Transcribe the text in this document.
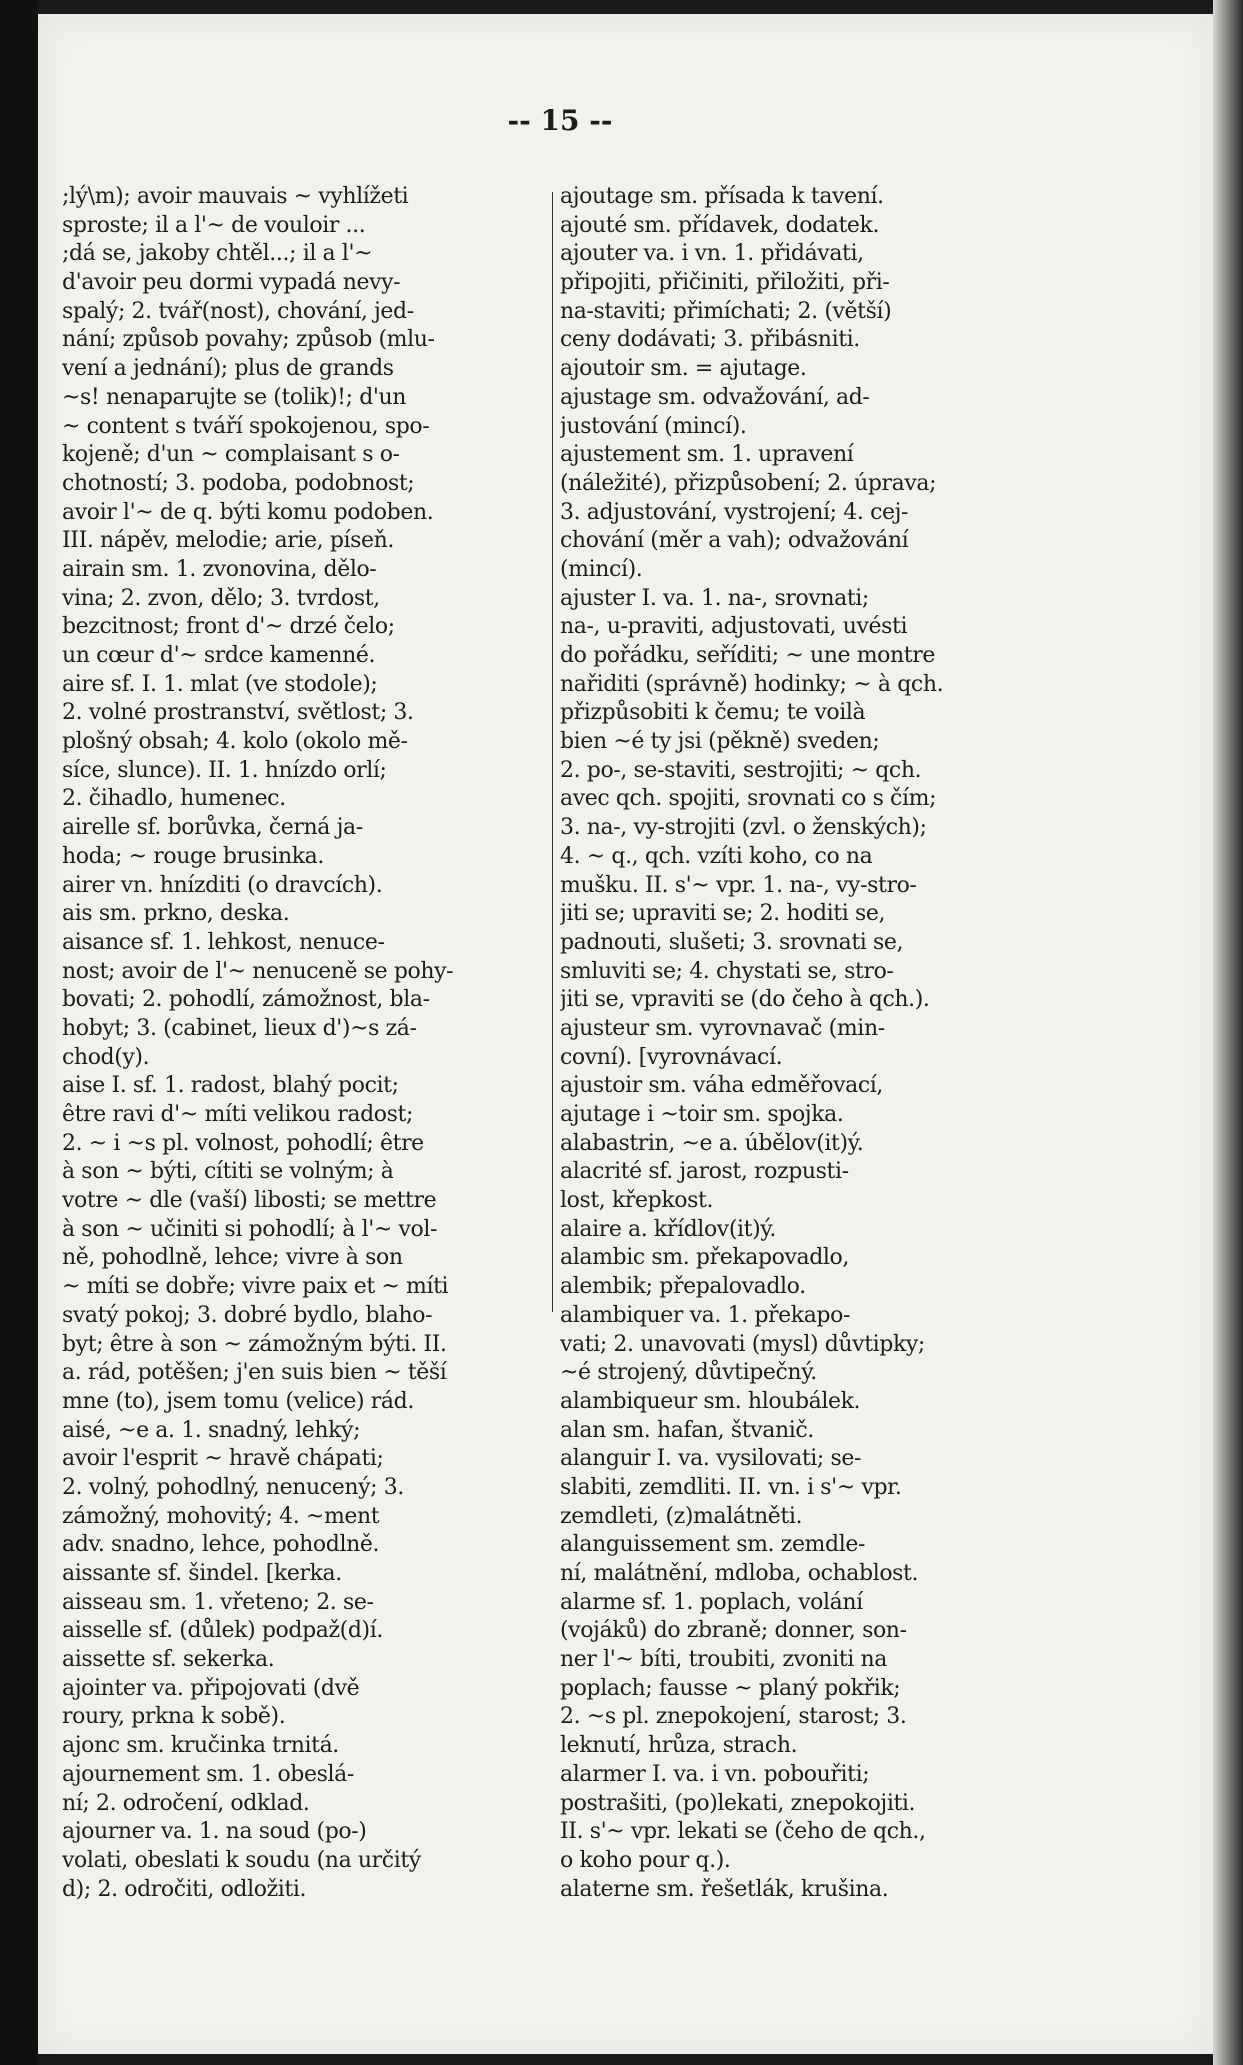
-- 15 --
;lý\m); avoir mauvais ~ vyhlížeti
sproste; il a l'~ de vouloir ...
;dá se, jakoby chtěl...; il a l'~
d'avoir peu dormi vypadá nevy-
spalý; 2. tvář(nost), chování, jed-
nání; způsob povahy; způsob (mlu-
vení a jednání); plus de grands
~s! nenaparujte se (tolik)!; d'un
~ content s tváří spokojenou, spo-
kojeně; d'un ~ complaisant s o-
chotností; 3. podoba, podobnost;
avoir l'~ de q. býti komu podoben.
III. nápěv, melodie; arie, píseň.
airain sm. 1. zvonovina, dělo-
vina; 2. zvon, dělo; 3. tvrdost,
bezcitnost; front d'~ drzé čelo;
un cœur d'~ srdce kamenné.
aire sf. I. 1. mlat (ve stodole);
2. volné prostranství, světlost; 3.
plošný obsah; 4. kolo (okolo mě-
síce, slunce). II. 1. hnízdo orlí;
2. čihadlo, humenec.
airelle sf. borůvka, černá ja-
hoda; ~ rouge brusinka.
airer vn. hnízditi (o dravcích).
ais sm. prkno, deska.
aisance sf. 1. lehkost, nenuce-
nost; avoir de l'~ nenuceně se pohy-
bovati; 2. pohodlí, zámožnost, bla-
hobyt; 3. (cabinet, lieux d')~s zá-
chod(y).
aise I. sf. 1. radost, blahý pocit;
être ravi d'~ míti velikou radost;
2. ~ i ~s pl. volnost, pohodlí; être
à son ~ býti, cítiti se volným; à
votre ~ dle (vaší) libosti; se mettre
à son ~ učiniti si pohodlí; à l'~ vol-
ně, pohodlně, lehce; vivre à son
~ míti se dobře; vivre paix et ~ míti
svatý pokoj; 3. dobré bydlo, blaho-
byt; être à son ~ zámožným býti. II.
a. rád, potěšen; j'en suis bien ~ těší
mne (to), jsem tomu (velice) rád.
aisé, ~e a. 1. snadný, lehký;
avoir l'esprit ~ hravě chápati;
2. volný, pohodlný, nenucený; 3.
zámožný, mohovitý; 4. ~ment
adv. snadno, lehce, pohodlně.
aissante sf. šindel. [kerka.
aisseau sm. 1. vřeteno; 2. se-
aisselle sf. (důlek) podpaž(d)í.
aissette sf. sekerka.
ajointer va. připojovati (dvě
roury, prkna k sobě).
ajonc sm. kručinka trnitá.
ajournement sm. 1. obeslá-
ní; 2. odročení, odklad.
ajourner va. 1. na soud (po-)
volati, obeslati k soudu (na určitý
d); 2. odročiti, odložiti.
ajoutage sm. přísada k tavení.
ajouté sm. přídavek, dodatek.
ajouter va. i vn. 1. přidávati,
připojiti, přičiniti, přiložiti, při-
na-staviti; přimíchati; 2. (větší)
ceny dodávati; 3. přibásniti.
ajoutoir sm. = ajutage.
ajustage sm. odvažování, ad-
justování (mincí).
ajustement sm. 1. upravení
(náležité), přizpůsobení; 2. úprava;
3. adjustování, vystrojení; 4. cej-
chování (měr a vah); odvažování
(mincí).
ajuster I. va. 1. na-, srovnati;
na-, u-praviti, adjustovati, uvésti
do pořádku, seříditi; ~ une montre
nařiditi (správně) hodinky; ~ à qch.
přizpůsobiti k čemu; te voilà
bien ~é ty jsi (pěkně) sveden;
2. po-, se-staviti, sestrojiti; ~ qch.
avec qch. spojiti, srovnati co s čím;
3. na-, vy-strojiti (zvl. o ženských);
4. ~ q., qch. vzíti koho, co na
mušku. II. s'~ vpr. 1. na-, vy-stro-
jiti se; upraviti se; 2. hoditi se,
padnouti, slušeti; 3. srovnati se,
smluviti se; 4. chystati se, stro-
jiti se, vpraviti se (do čeho à qch.).
ajusteur sm. vyrovnavač (min-
covní). [vyrovnávací.
ajustoir sm. váha edměřovací,
ajutage i ~toir sm. spojka.
alabastrin, ~e a. úbělov(it)ý.
alacrité sf. jarost, rozpusti-
lost, křepkost.
alaire a. křídlov(it)ý.
alambic sm. překapovadlo,
alembik; přepalovadlo.
alambiquer va. 1. překapo-
vati; 2. unavovati (mysl) důvtipky;
~é strojený, důvtipečný.
alambiqueur sm. hloubálek.
alan sm. hafan, štvanič.
alanguir I. va. vysilovati; se-
slabiti, zemdliti. II. vn. i s'~ vpr.
zemdleti, (z)malátněti.
alanguissement sm. zemdle-
ní, malátnění, mdloba, ochablost.
alarme sf. 1. poplach, volání
(vojáků) do zbraně; donner, son-
ner l'~ bíti, troubiti, zvoniti na
poplach; fausse ~ planý pokřik;
2. ~s pl. znepokojení, starost; 3.
leknutí, hrůza, strach.
alarmer I. va. i vn. pobouřiti;
postrašiti, (po)lekati, znepokojiti.
II. s'~ vpr. lekati se (čeho de qch.,
o koho pour q.).
alaterne sm. řešetlák, krušina.
